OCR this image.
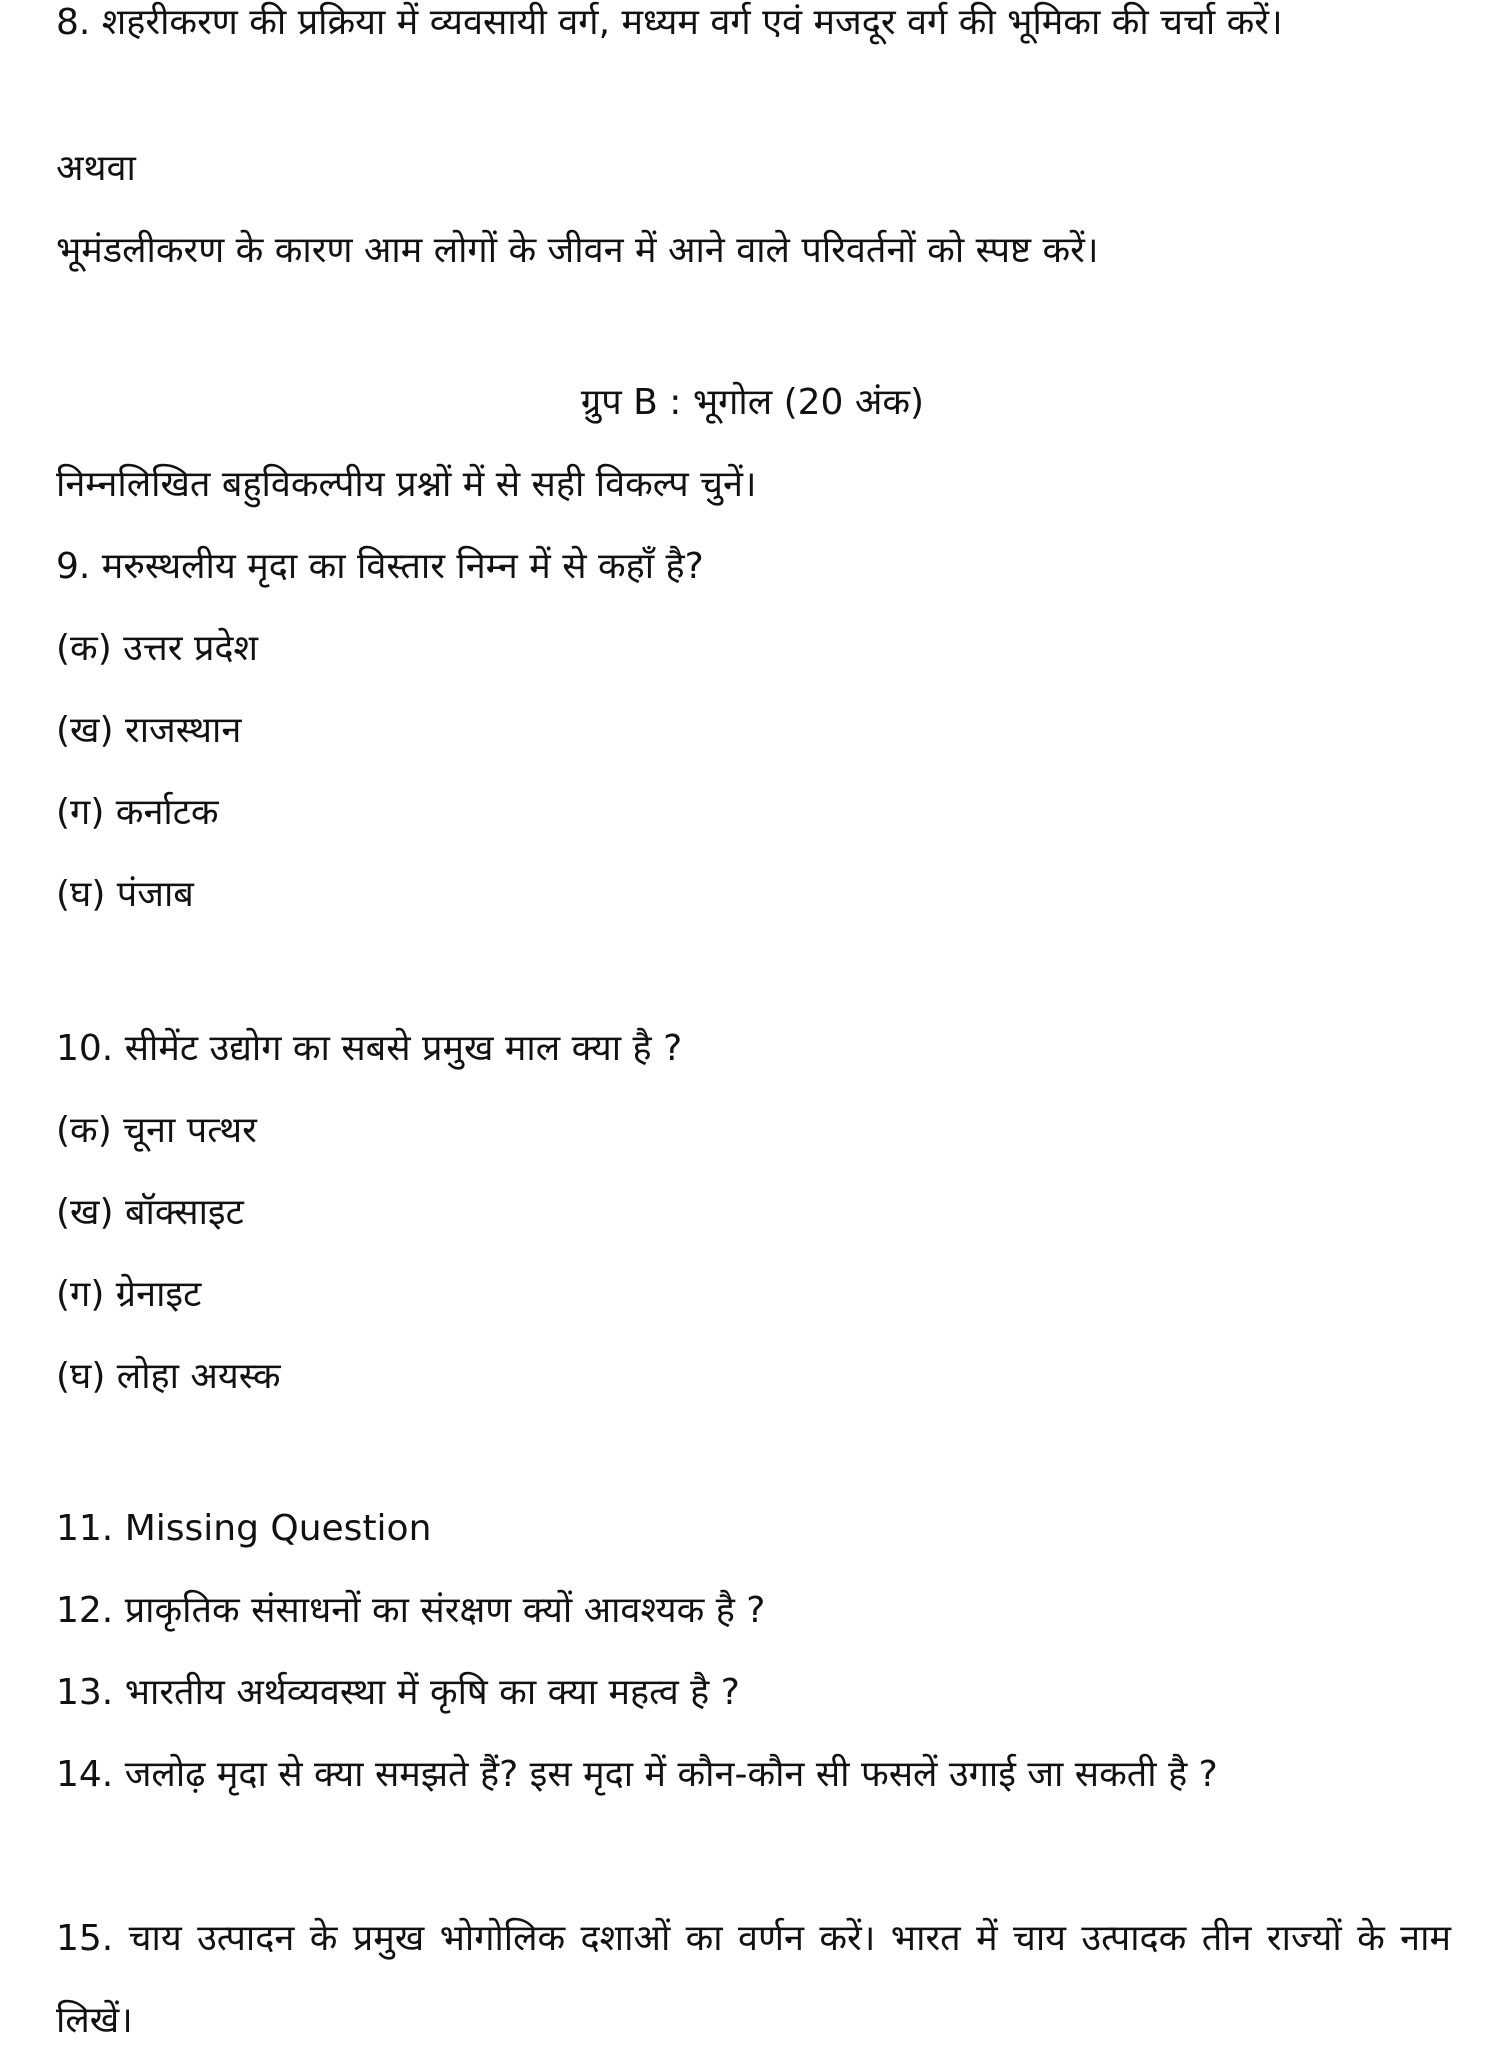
8. शहरीकरण की प्रक्रिया में व्यवसायी वर्ग, मध्यम वर्ग एवं मजदूर वर्ग की भूमिका की चर्चा करें।

अथवा
भूमंडलीकरण के कारण आम लोगों के जीवन में आने वाले परिवर्तनों को स्पष्ट करें।
ग्रुप B : भूगोल (20 अंक)
निम्नलिखित बहुविकल्पीय प्रश्नों में से सही विकल्प चुनें।
9. मरुस्थलीय मृदा का विस्तार निम्न में से कहाँ है?
(क) उत्तर प्रदेश
(ख) राजस्थान
(ग) कर्नाटक
(घ) पंजाब
10. सीमेंट उद्योग का सबसे प्रमुख माल क्या है ?
(क) चूना पत्थर
(ख) बॉक्साइट
(ग) ग्रेनाइट
(घ) लोहा अयस्क
11. Missing Question
12. प्राकृतिक संसाधनों का संरक्षण क्यों आवश्यक है ?
13. भारतीय अर्थव्यवस्था में कृषि का क्या महत्व है ?

14. जलोढ़ मृदा से क्या समझते हैं? इस मृदा में कौन-कौन सी फसलें उगाई जा सकती है ?

15. चाय उत्पादन के प्रमुख भोगोलिक दशाओं का वर्णन करें। भारत में चाय उत्पादक तीन राज्यों के नाम लिखें।
